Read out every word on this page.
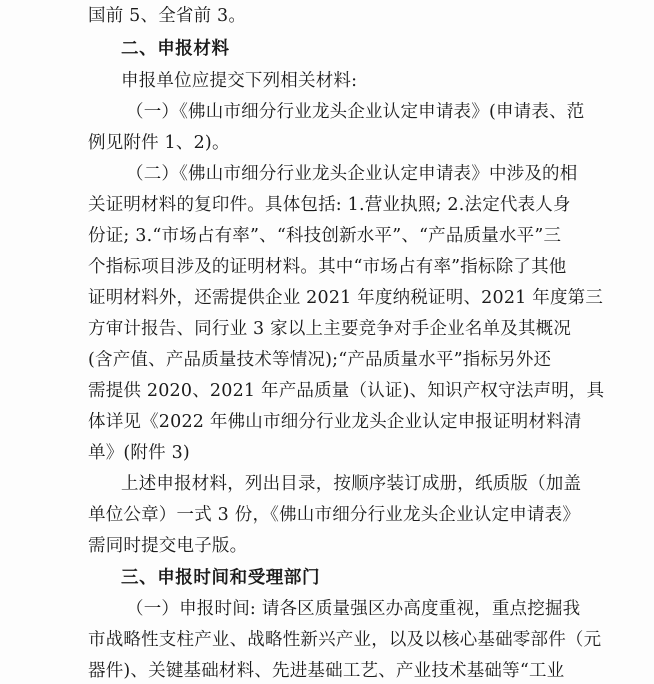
国前 5、全省前 3。
二、申报材料
申报单位应提交下列相关材料:
（一）《佛山市细分行业龙头企业认定申请表》(申请表、范
例见附件 1、2)。
（二）《佛山市细分行业龙头企业认定申请表》中涉及的相
关证明材料的复印件。具体包括: 1.营业执照; 2.法定代表人身
份证; 3.“市场占有率”、“科技创新水平”、“产品质量水平”三
个指标项目涉及的证明材料。其中“市场占有率”指标除了其他
证明材料外，还需提供企业 2021 年度纳税证明、2021 年度第三
方审计报告、同行业 3 家以上主要竞争对手企业名单及其概况
(含产值、产品质量技术等情况);“产品质量水平”指标另外还
需提供 2020、2021 年产品质量（认证)、知识产权守法声明，具
体详见《2022 年佛山市细分行业龙头企业认定申报证明材料清
单》(附件 3)
上述申报材料，列出目录，按顺序装订成册，纸质版（加盖
单位公章）一式 3 份，《佛山市细分行业龙头企业认定申请表》
需同时提交电子版。
三、申报时间和受理部门
（一）申报时间: 请各区质量强区办高度重视，重点挖掘我
市战略性支柱产业、战略性新兴产业，以及以核心基础零部件（元
器件)、关键基础材料、先进基础工艺、产业技术基础等“工业
